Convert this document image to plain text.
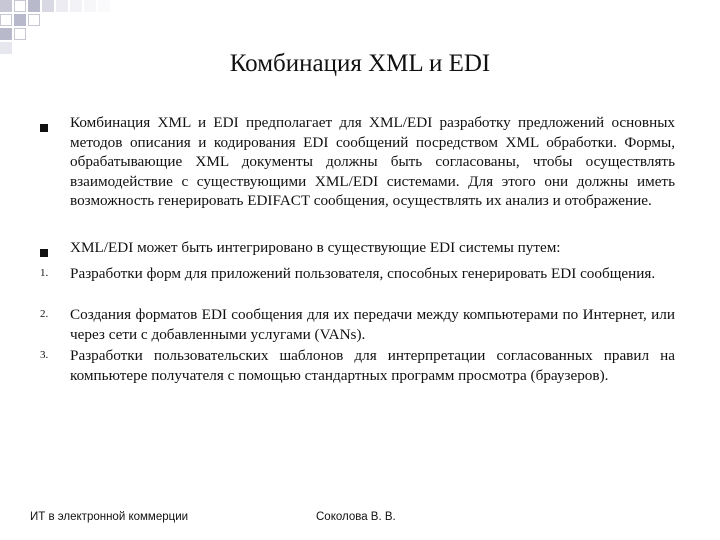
Комбинация XML и EDI
Комбинация XML и EDI предполагает для XML/EDI разработку предложений основных методов описания и кодирования EDI сообщений посредством XML обработки. Формы, обрабатывающие XML документы должны быть согласованы, чтобы осуществлять взаимодействие с существующими XML/EDI системами. Для этого они должны иметь возможность генерировать EDIFACT сообщения, осуществлять их анализ и отображение.
XML/EDI может быть интегрировано в существующие EDI системы путем:
1. Разработки форм для приложений пользователя, способных генерировать EDI сообщения.
2. Создания форматов EDI сообщения для их передачи между компьютерами по Интернет, или через сети с добавленными услугами (VANs).
3. Разработки пользовательских шаблонов для интерпретации согласованных правил на компьютере получателя с помощью стандартных программ просмотра (браузеров).
ИТ в электронной коммерции	Соколова В. В.
